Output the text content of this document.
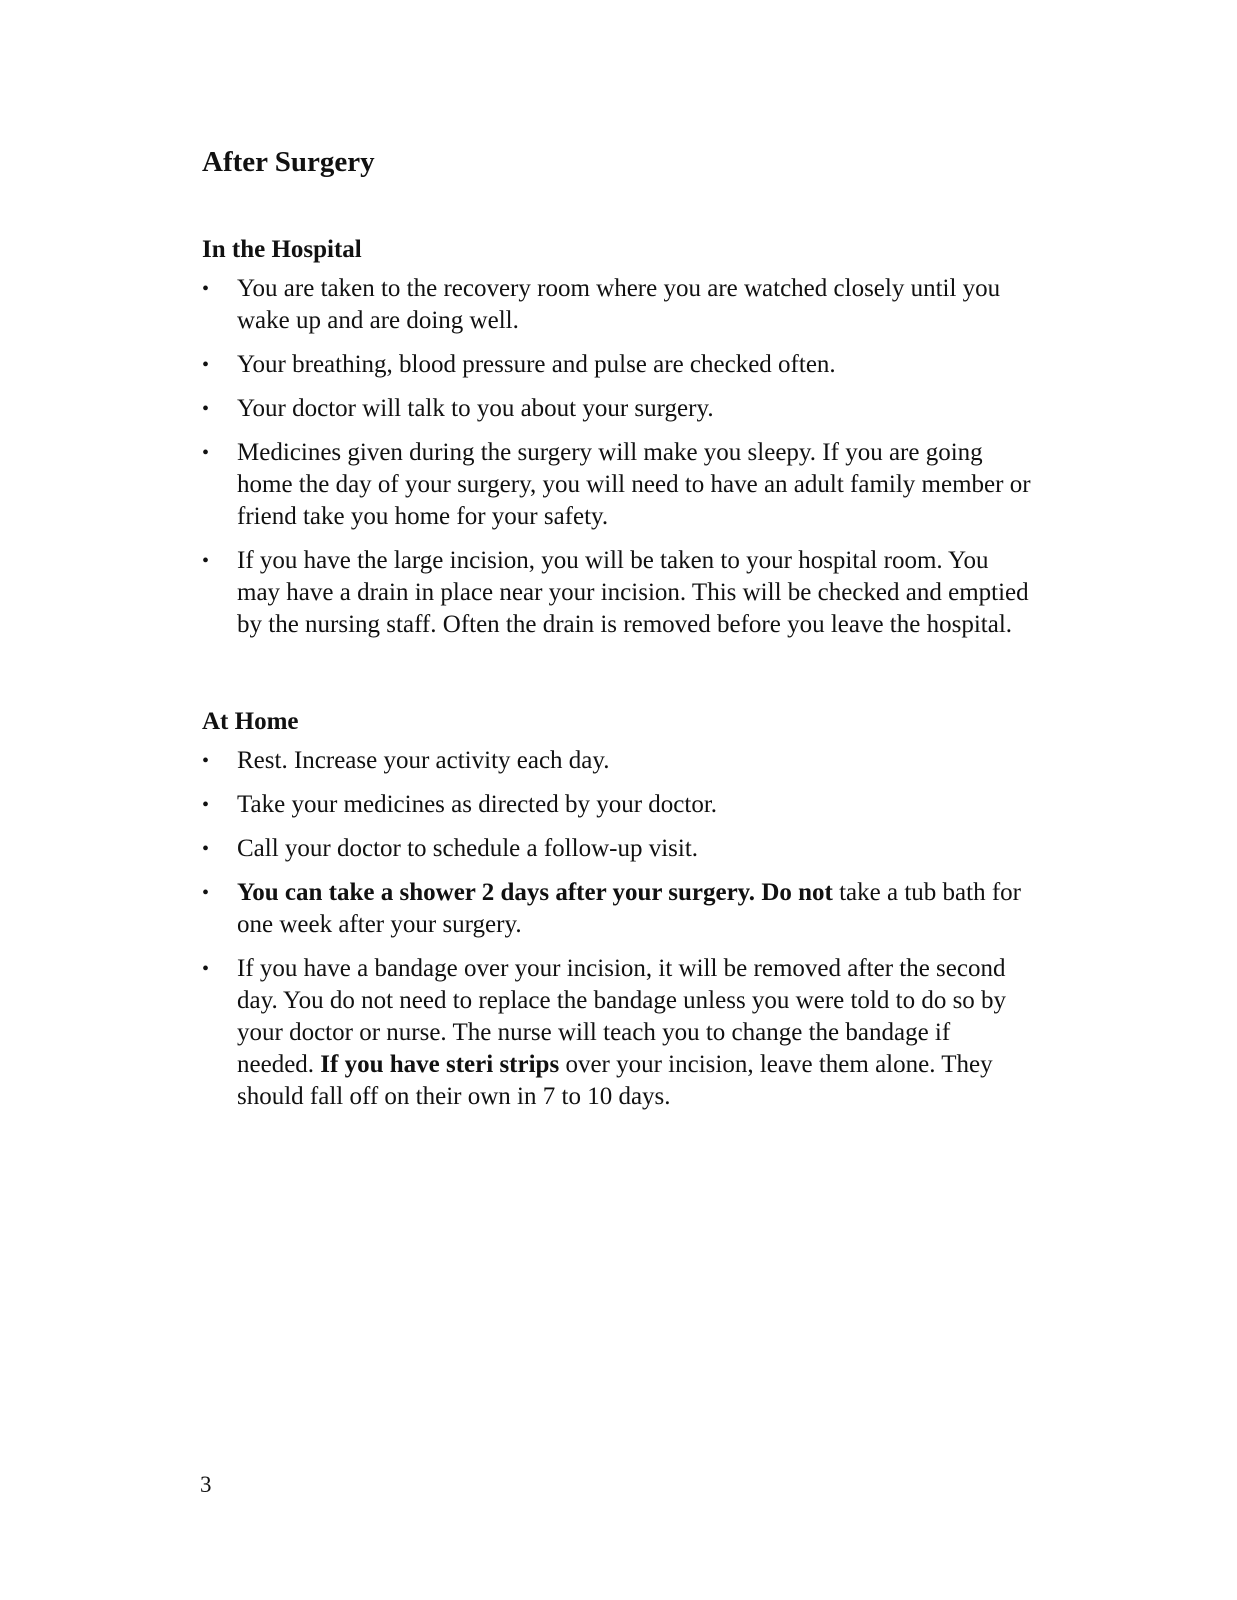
After Surgery
In the Hospital
• You are taken to the recovery room where you are watched closely until you wake up and are doing well.
• Your breathing, blood pressure and pulse are checked often.
• Your doctor will talk to you about your surgery.
• Medicines given during the surgery will make you sleepy. If you are going home the day of your surgery, you will need to have an adult family member or friend take you home for your safety.
• If you have the large incision, you will be taken to your hospital room. You may have a drain in place near your incision. This will be checked and emptied by the nursing staff. Often the drain is removed before you leave the hospital.
At Home
• Rest. Increase your activity each day.
• Take your medicines as directed by your doctor.
• Call your doctor to schedule a follow-up visit.
• You can take a shower 2 days after your surgery. Do not take a tub bath for one week after your surgery.
• If you have a bandage over your incision, it will be removed after the second day. You do not need to replace the bandage unless you were told to do so by your doctor or nurse. The nurse will teach you to change the bandage if needed. If you have steri strips over your incision, leave them alone. They should fall off on their own in 7 to 10 days.
3
